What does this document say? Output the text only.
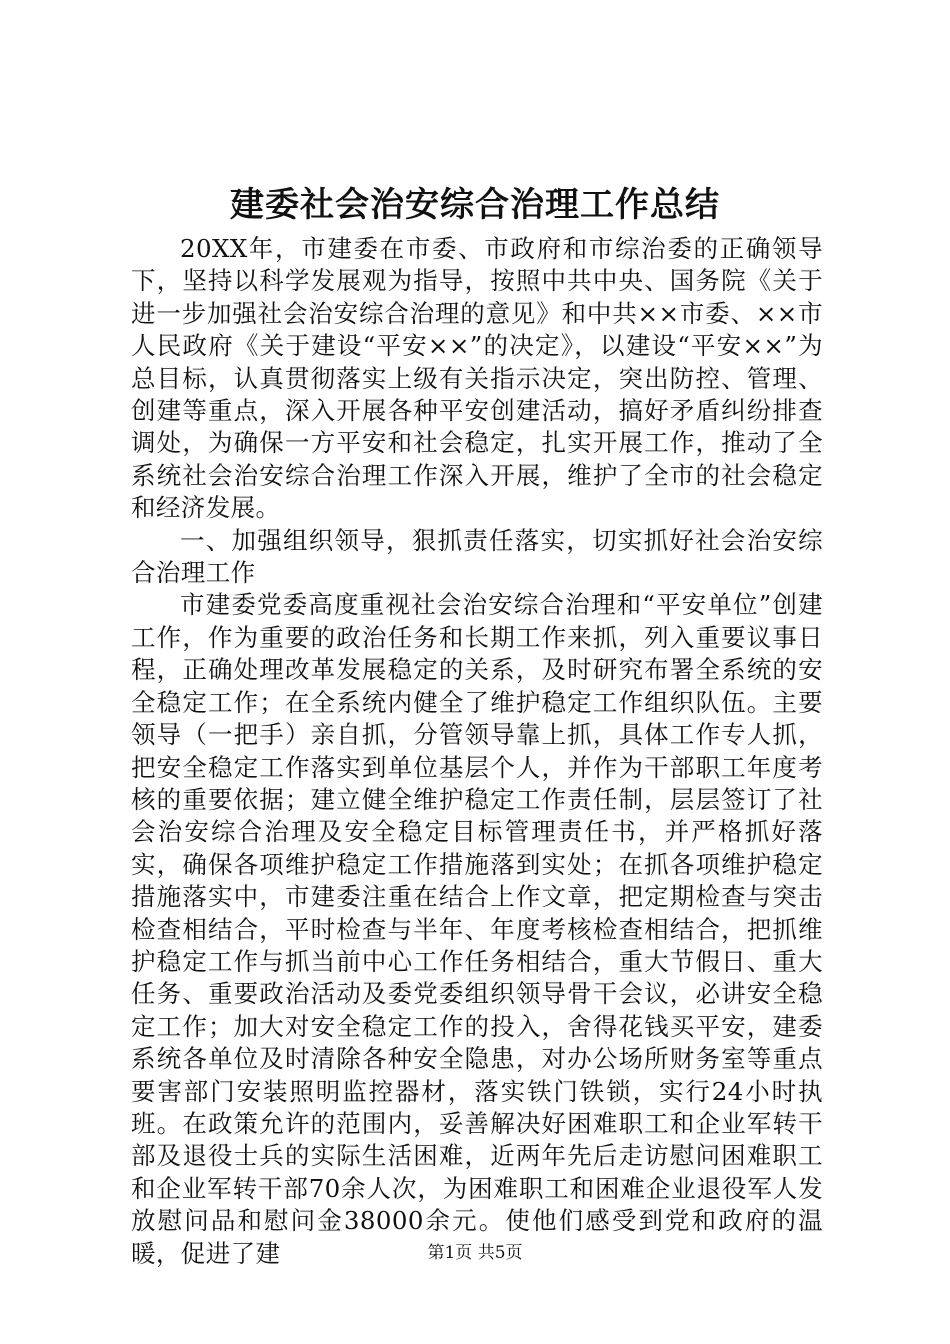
建委社会治安综合治理工作总结

20XX年，市建委在市委、市政府和市综治委的正确领导下，坚持以科学发展观为指导，按照中共中央、国务院《关于进一步加强社会治安综合治理的意见》和中共××市委、××市人民政府《关于建设“平安××”的决定》，以建设“平安××”为总目标，认真贯彻落实上级有关指示决定，突出防控、管理、创建等重点，深入开展各种平安创建活动，搞好矛盾纠纷排查调处，为确保一方平安和社会稳定，扎实开展工作，推动了全系统社会治安综合治理工作深入开展，维护了全市的社会稳定和经济发展。

一、加强组织领导，狠抓责任落实，切实抓好社会治安综合治理工作

市建委党委高度重视社会治安综合治理和“平安单位”创建工作，作为重要的政治任务和长期工作来抓，列入重要议事日程，正确处理改革发展稳定的关系，及时研究布署全系统的安全稳定工作；在全系统内健全了维护稳定工作组织队伍。主要领导（一把手）亲自抓，分管领导靠上抓，具体工作专人抓，把安全稳定工作落实到单位基层个人，并作为干部职工年度考核的重要依据；建立健全维护稳定工作责任制，层层签订了社会治安综合治理及安全稳定目标管理责任书，并严格抓好落实，确保各项维护稳定工作措施落到实处；在抓各项维护稳定措施落实中，市建委注重在结合上作文章，把定期检查与突击检查相结合，平时检查与半年、年度考核检查相结合，把抓维护稳定工作与抓当前中心工作任务相结合，重大节假日、重大任务、重要政治活动及委党委组织领导骨干会议，必讲安全稳定工作；加大对安全稳定工作的投入，舍得花钱买平安，建委系统各单位及时清除各种安全隐患，对办公场所财务室等重点要害部门安装照明监控器材，落实铁门铁锁，实行24小时执班。在政策允许的范围内，妥善解决好困难职工和企业军转干部及退役士兵的实际生活困难，近两年先后走访慰问困难职工和企业军转干部70余人次，为困难职工和困难企业退役军人发放慰问品和慰问金38000余元。使他们感受到党和政府的温暖，促进了建	第1页 共5页
